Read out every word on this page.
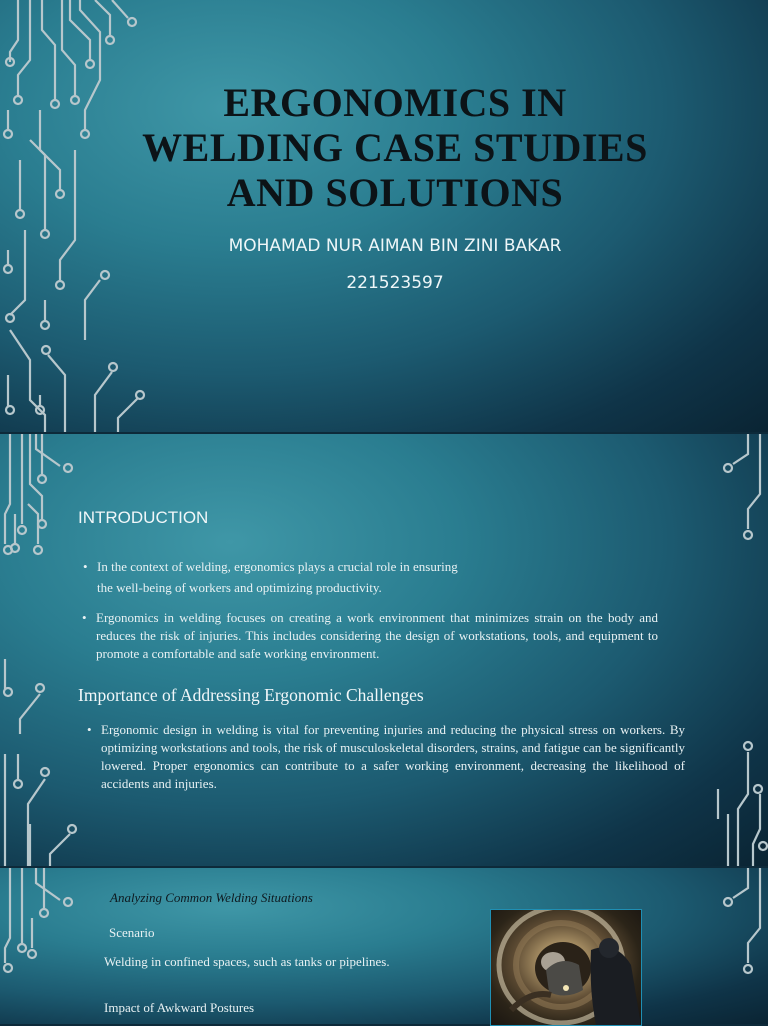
ERGONOMICS IN
WELDING CASE STUDIES
AND SOLUTIONS
MOHAMAD NUR AIMAN BIN ZINI BAKAR
221523597
INTRODUCTION
• In the context of welding, ergonomics plays a crucial role in ensuring
the well-being of workers and optimizing productivity.
• Ergonomics in welding focuses on creating a work environment that minimizes strain on the body and reduces the risk of injuries. This includes considering the design of workstations, tools, and equipment to promote a comfortable and safe working environment.
Importance of Addressing Ergonomic Challenges
• Ergonomic design in welding is vital for preventing injuries and reducing the physical stress on workers. By optimizing workstations and tools, the risk of musculoskeletal disorders, strains, and fatigue can be significantly lowered. Proper ergonomics can contribute to a safer working environment, decreasing the likelihood of accidents and injuries.
Analyzing Common Welding Situations
Scenario
Welding in confined spaces, such as tanks or pipelines.
Impact of Awkward Postures
